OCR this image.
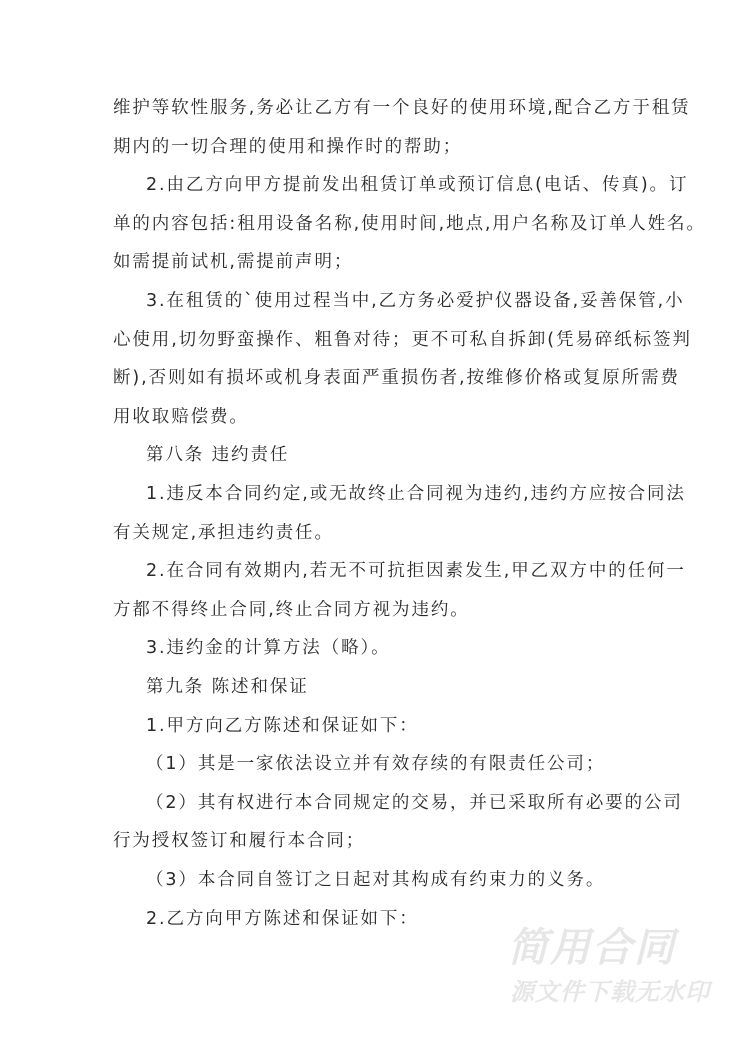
维护等软性服务,务必让乙方有一个良好的使用环境,配合乙方于租赁
期内的一切合理的使用和操作时的帮助；
2.由乙方向甲方提前发出租赁订单或预订信息(电话、传真)。订
单的内容包括:租用设备名称,使用时间,地点,用户名称及订单人姓名。
如需提前试机,需提前声明；
3.在租赁的`使用过程当中,乙方务必爱护仪器设备,妥善保管,小
心使用,切勿野蛮操作、粗鲁对待；更不可私自拆卸(凭易碎纸标签判
断),否则如有损坏或机身表面严重损伤者,按维修价格或复原所需费
用收取赔偿费。
第八条 违约责任
1.违反本合同约定,或无故终止合同视为违约,违约方应按合同法
有关规定,承担违约责任。
2.在合同有效期内,若无不可抗拒因素发生,甲乙双方中的任何一
方都不得终止合同,终止合同方视为违约。
3.违约金的计算方法（略）。
第九条 陈述和保证
1.甲方向乙方陈述和保证如下：
（1）其是一家依法设立并有效存续的有限责任公司；
（2）其有权进行本合同规定的交易，并已采取所有必要的公司
行为授权签订和履行本合同；
（3）本合同自签订之日起对其构成有约束力的义务。
2.乙方向甲方陈述和保证如下：
简用合同
源文件下载无水印
